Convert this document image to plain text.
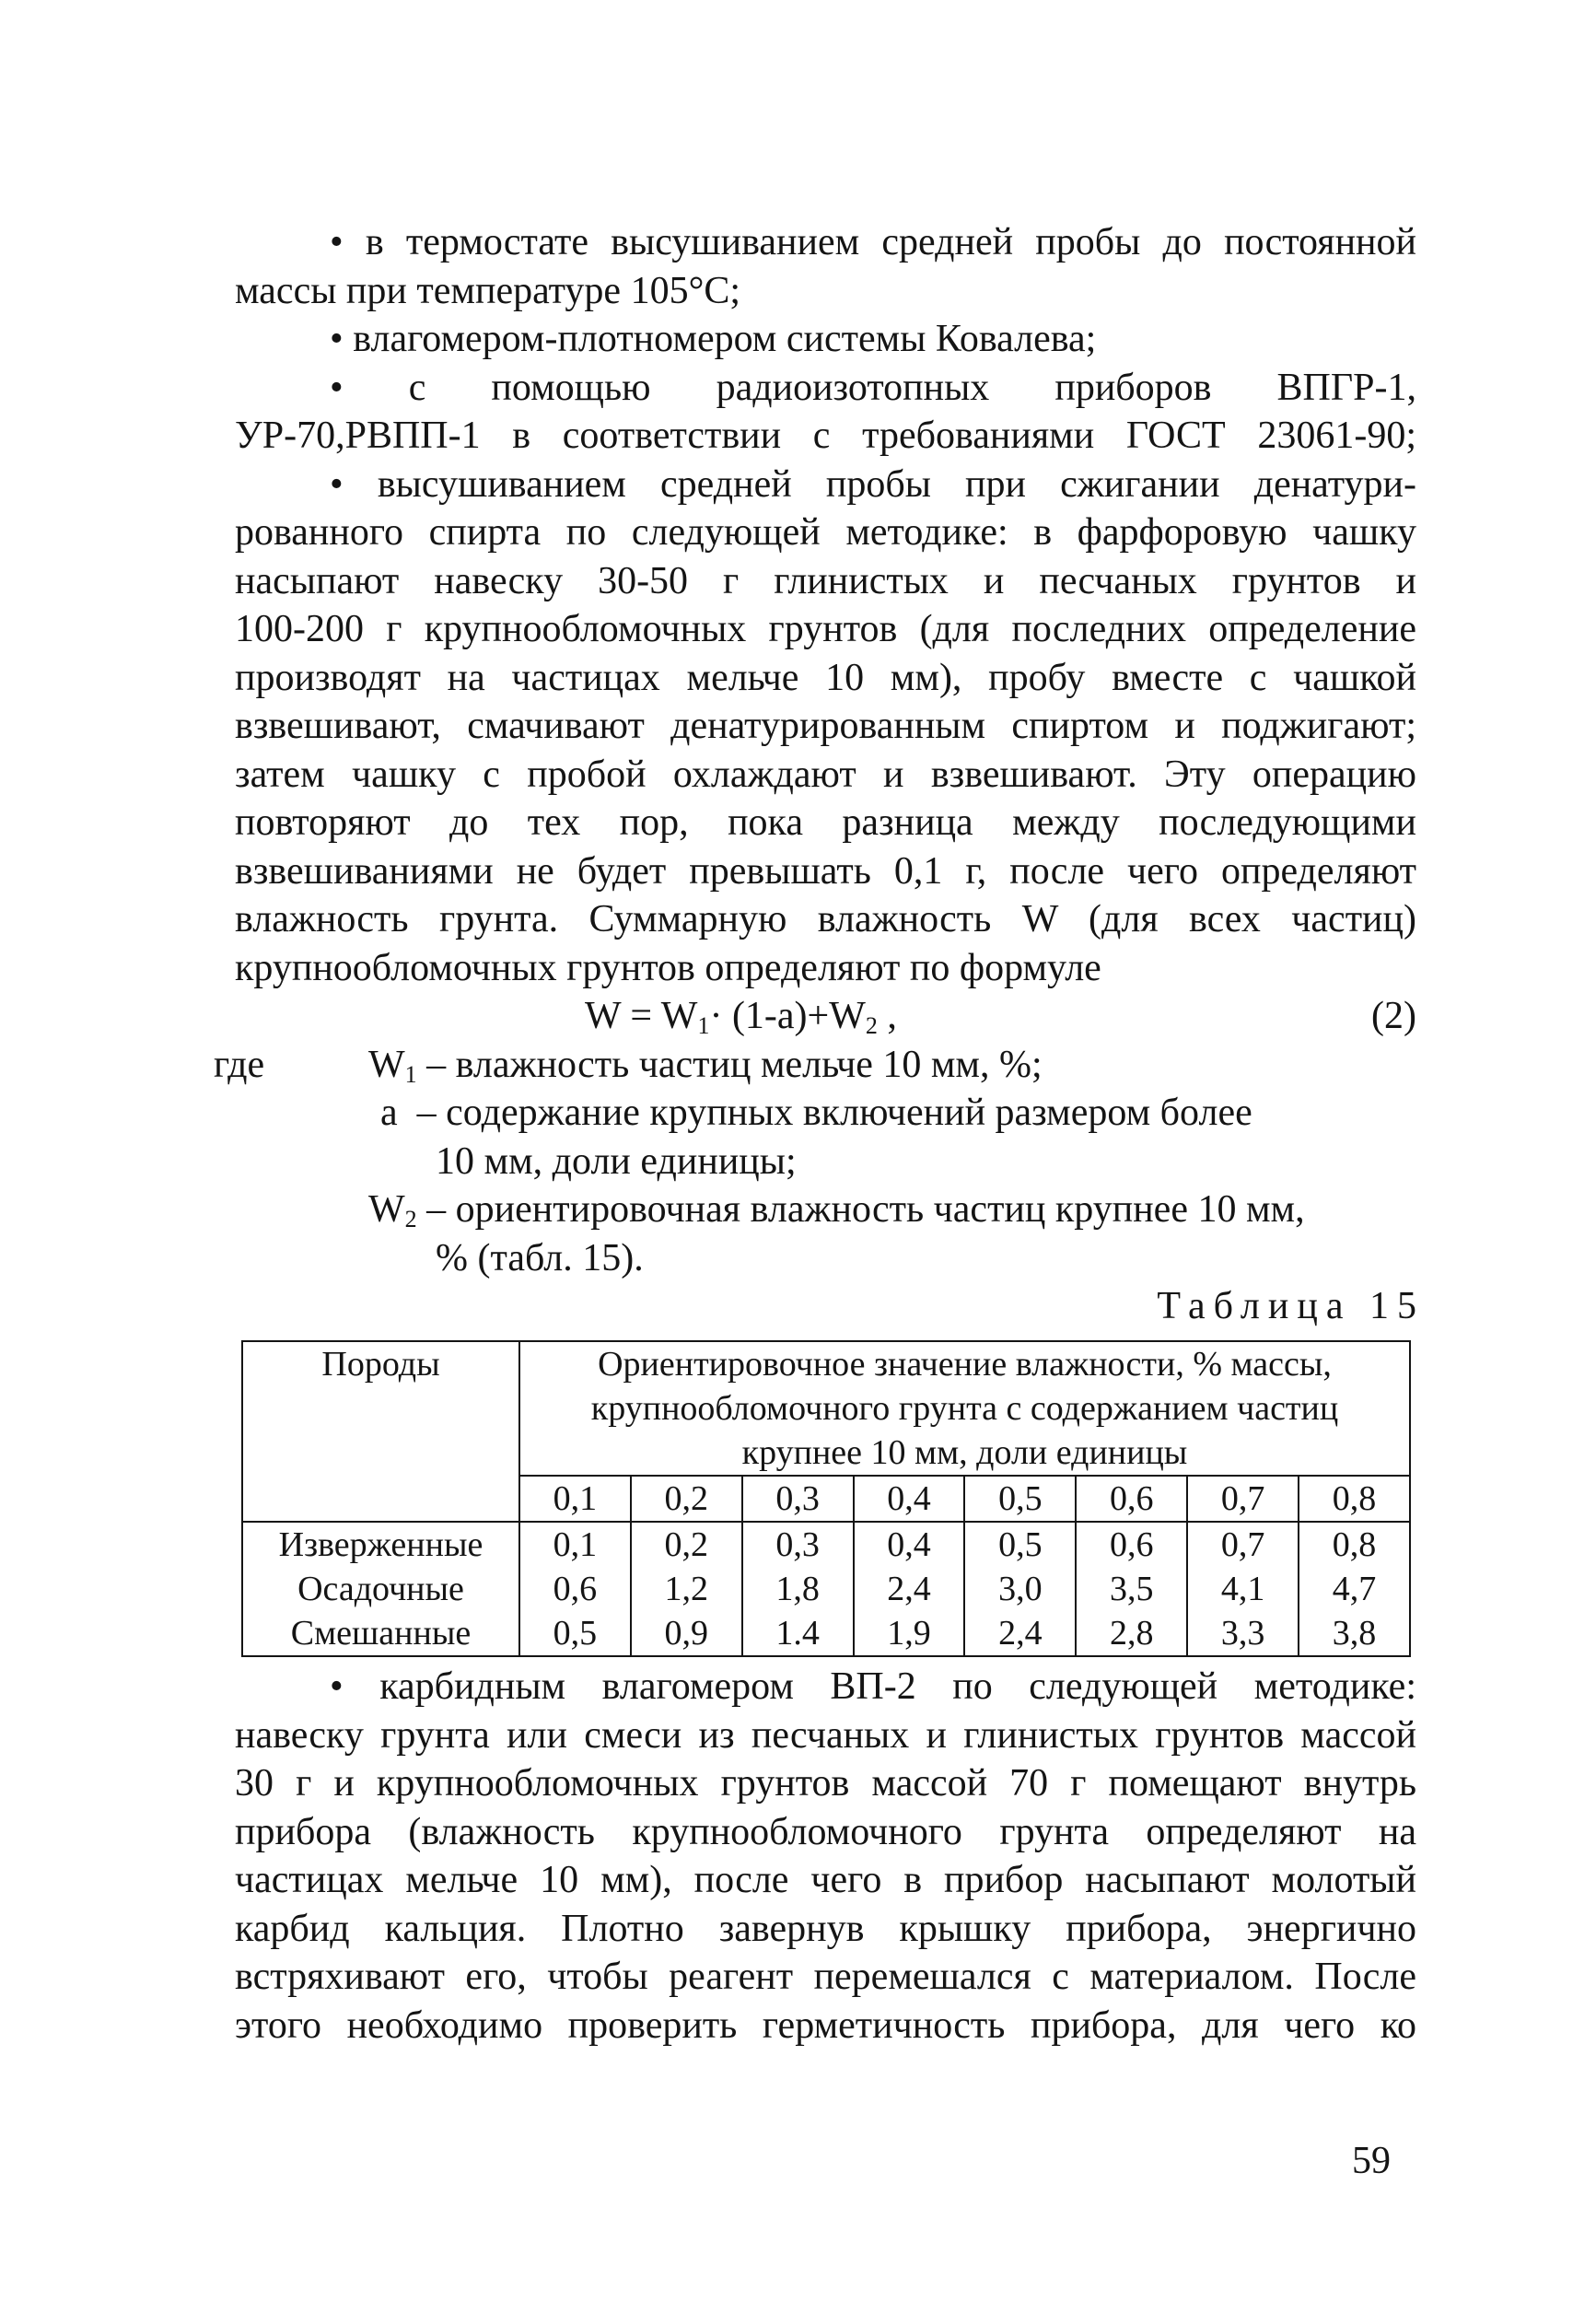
• в термостате высушиванием средней пробы до постоянной
массы при температуре 105°С;
• влагомером-плотномером системы Ковалева;
• с помощью радиоизотопных приборов ВПГР-1,
УР-70,РВПП-1 в соответствии с требованиями ГОСТ 23061-90;
• высушиванием средней пробы при сжигании денатури-
рованного спирта по следующей методике: в фарфоровую чашку
насыпают навеску 30-50 г глинистых и песчаных грунтов и
100-200 г крупнообломочных грунтов (для последних определение
производят на частицах мельче 10 мм), пробу вместе с чашкой
взвешивают, смачивают денатурированным спиртом и поджигают;
затем чашку с пробой охлаждают и взвешивают. Эту операцию
повторяют до тех пор, пока разница между последующими
взвешиваниями не будет превышать 0,1 г, после чего определяют
влажность грунта. Суммарную влажность W (для всех частиц)
крупнообломочных грунтов определяют по формуле
$W = W_1\cdot (1-a)+W_2$ ,	(2)
где	$W_1$ – влажность частиц мельче 10 мм, %;
a – содержание крупных включений размером более
10 мм, доли единицы;
$W_2$ – ориентировочная влажность частиц крупнее 10 мм,
% (табл. 15).
Таблица 15
Породы	Ориентировочное значение влажности, % массы,
крупнообломочного грунта с содержанием частиц
крупнее 10 мм, доли единицы							

	0,1	0,2	0,3	0,4	0,5	0,6	0,7	0,8
Изверженные	0,1	0,2	0,3	0,4	0,5	0,6	0,7	0,8
Осадочные	0,6	1,2	1,8	2,4	3,0	3,5	4,1	4,7
Смешанные	0,5	0,9	1.4	1,9	2,4	2,8	3,3	3,8
• карбидным влагомером ВП-2 по следующей методике:
навеску грунта или смеси из песчаных и глинистых грунтов массой
30 г и крупнообломочных грунтов массой 70 г помещают внутрь
прибора (влажность крупнообломочного грунта определяют на
частицах мельче 10 мм), после чего в прибор насыпают молотый
карбид кальция. Плотно завернув крышку прибора, энергично
встряхивают его, чтобы реагент перемешался с материалом. После
этого необходимо проверить герметичность прибора, для чего ко
59
